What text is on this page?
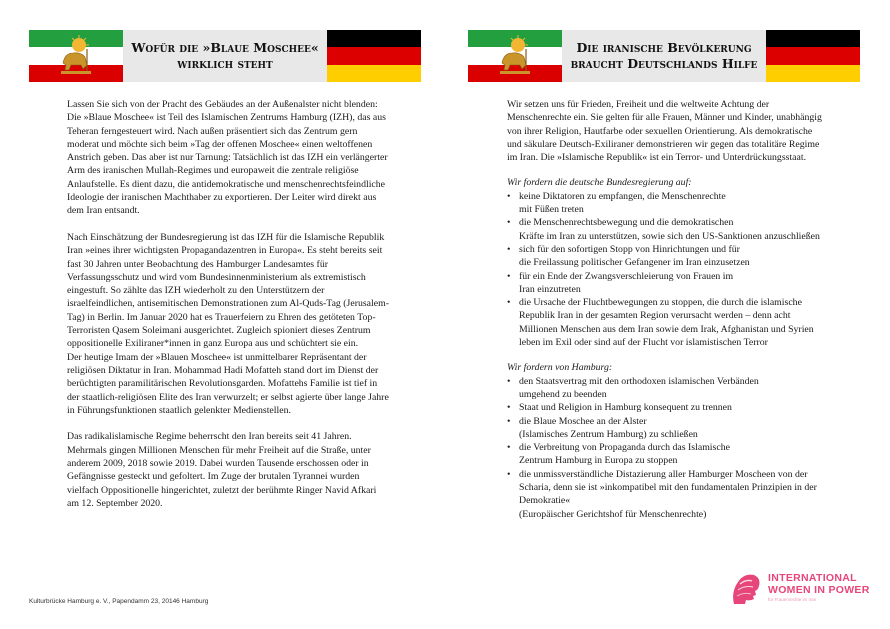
Wofür die »Blaue Moschee«
wirklich steht
Die iranische Bevölkerung
braucht Deutschlands Hilfe

Lassen Sie sich von der Pracht des Gebäudes an der Außenalster nicht blenden: Die »Blaue Moschee« ist Teil des Islamischen Zentrums Hamburg (IZH), das aus Teheran ferngesteuert wird. Nach außen präsentiert sich das Zentrum gern moderat und möchte sich beim »Tag der offenen Moschee« einen weltoffenen Anstrich geben. Das aber ist nur Tarnung: Tatsächlich ist das IZH ein verlängerter Arm des iranischen Mullah-Regimes und europaweit die zentrale religiöse Anlaufstelle. Es dient dazu, die antidemokratische und menschenrechtsfeindliche Ideologie der iranischen Machthaber zu exportieren. Der Leiter wird direkt aus dem Iran entsandt.

Nach Einschätzung der Bundesregierung ist das IZH für die Islamische Republik Iran »eines ihrer wichtigsten Propagandazentren in Europa«. Es steht bereits seit fast 30 Jahren unter Beobachtung des Hamburger Landesamtes für Verfassungsschutz und wird vom Bundesinnenministerium als extremistisch eingestuft. So zählte das IZH wiederholt zu den Unterstützern der israelfeindlichen, antisemitischen Demonstrationen zum Al-Quds-Tag (Jerusalem-Tag) in Berlin. Im Januar 2020 hat es Trauerfeiern zu Ehren des getöteten Top-Terroristen Qasem Soleimani ausgerichtet. Zugleich spioniert dieses Zentrum oppositionelle Exiliraner*innen in ganz Europa aus und schüchtert sie ein.

Der heutige Imam der »Blauen Moschee« ist unmittelbarer Repräsentant der religiösen Diktatur in Iran. Mohammad Hadi Mofatteh stand dort im Dienst der berüchtigten paramilitärischen Revolutionsgarden. Mofattehs Familie ist tief in der staatlich-religiösen Elite des Iran verwurzelt; er selbst agierte über lange Jahre in Führungsfunktionen staatlich gelenkter Medienstellen.

Das radikalislamische Regime beherrscht den Iran bereits seit 41 Jahren. Mehrmals gingen Millionen Menschen für mehr Freiheit auf die Straße, unter anderem 2009, 2018 sowie 2019. Dabei wurden Tausende erschossen oder in Gefängnisse gesteckt und gefoltert. Im Zuge der brutalen Tyrannei wurden vielfach Oppositionelle hingerichtet, zuletzt der berühmte Ringer Navid Afkari am 12. September 2020.

Kulturbrücke Hamburg e. V., Papendamm 23, 20146 Hamburg

Wir setzen uns für Frieden, Freiheit und die weltweite Achtung der Menschenrechte ein. Sie gelten für alle Frauen, Männer und Kinder, unabhängig von ihrer Religion, Hautfarbe oder sexuellen Orientierung. Als demokratische und säkulare Deutsch-Exiliraner demonstrieren wir gegen das totalitäre Regime im Iran. Die »Islamische Republik« ist ein Terror- und Unterdrückungsstaat.

Wir fordern die deutsche Bundesregierung auf:
• keine Diktatoren zu empfangen, die Menschenrechte
mit Füßen treten
• die Menschenrechtsbewegung und die demokratischen
Kräfte im Iran zu unterstützen, sowie sich den US-Sanktionen anzuschließen
• sich für den sofortigen Stopp von Hinrichtungen und für
die Freilassung politischer Gefangener im Iran einzusetzen
• für ein Ende der Zwangsverschleierung von Frauen im
Iran einzutreten
• die Ursache der Fluchtbewegungen zu stoppen, die durch die islamische Republik Iran in der gesamten Region verursacht werden – denn acht Millionen Menschen aus dem Iran sowie dem Irak, Afghanistan und Syrien leben im Exil oder sind auf der Flucht vor islamistischen Terror
Wir fordern von Hamburg:
• den Staatsvertrag mit den orthodoxen islamischen Verbänden
umgehend zu beenden
• Staat und Religion in Hamburg konsequent zu trennen
• die Blaue Moschee an der Alster
(Islamisches Zentrum Hamburg) zu schließen
• die Verbreitung von Propaganda durch das Islamische
Zentrum Hamburg in Europa zu stoppen
• die unmissverständliche Distazierung aller Hamburger Moscheen von der Scharia, denn sie ist »inkompatibel mit den fundamentalen Prinzipien in der Demokratie«
(Europäischer Gerichtshof für Menschenrechte)
INTERNATIONAL
WOMEN IN POWER
für Frauenrechte im Iran
